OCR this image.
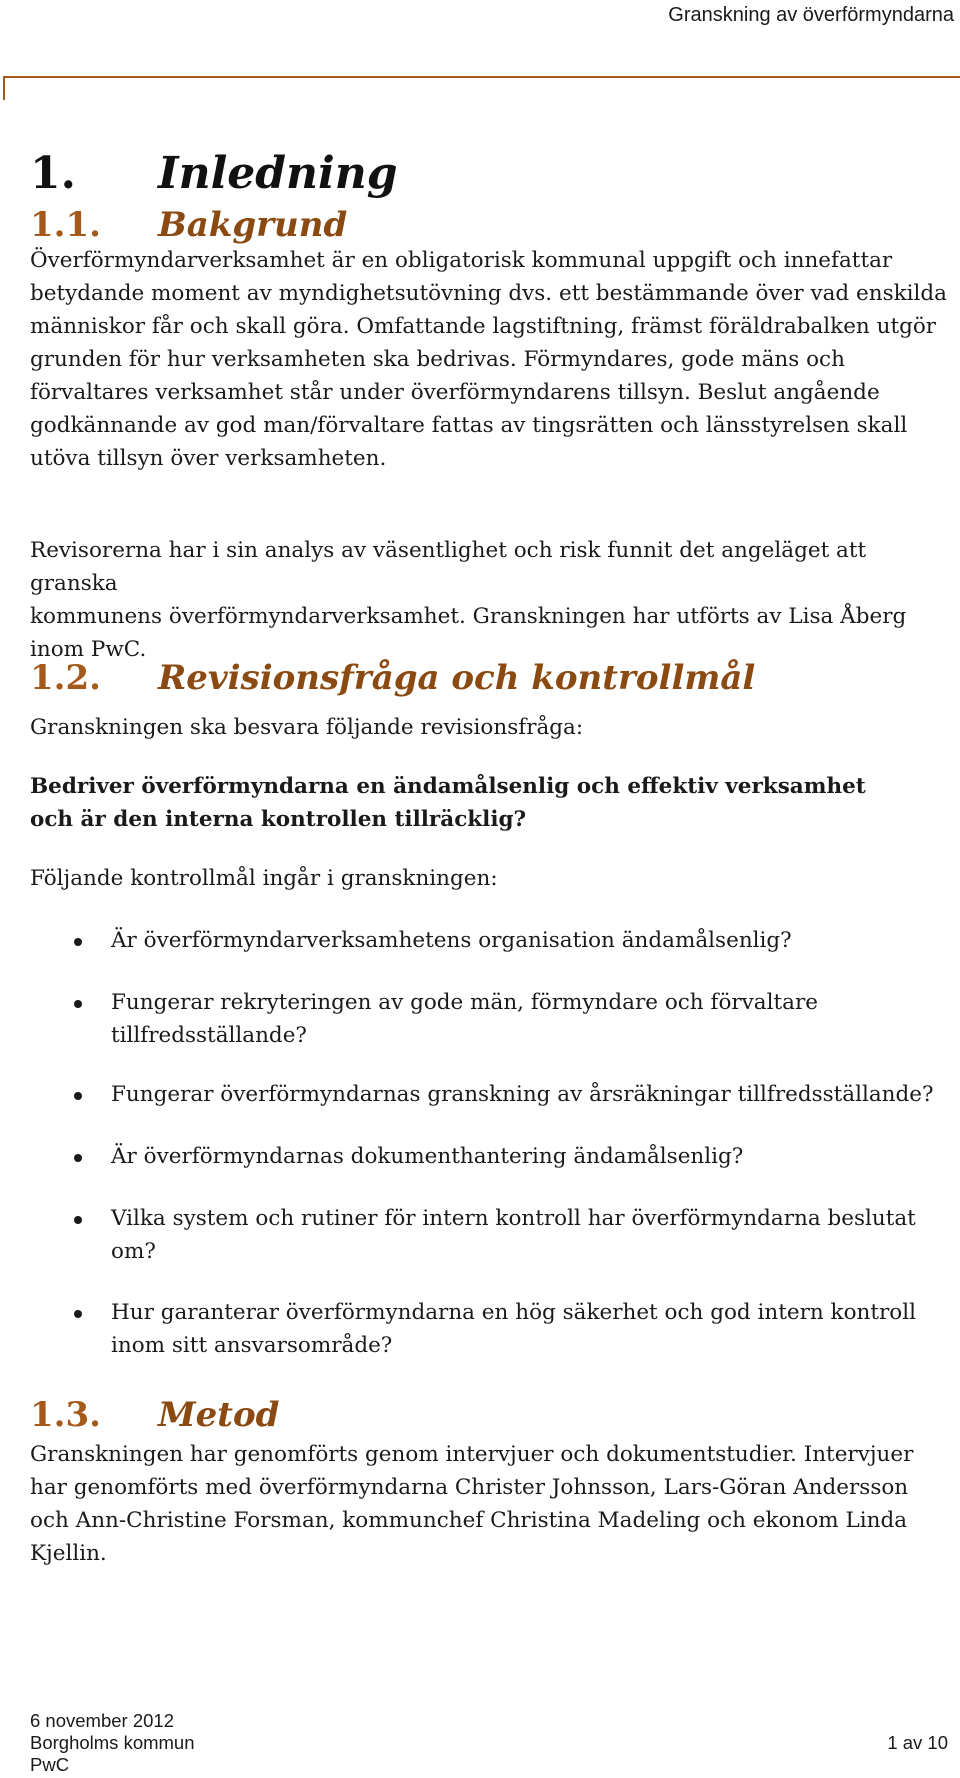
Granskning av överförmyndarna
1. Inledning
1.1. Bakgrund
Överförmyndarverksamhet är en obligatorisk kommunal uppgift och innefattar
betydande moment av myndighetsutövning dvs. ett bestämmande över vad enskilda
människor får och skall göra. Omfattande lagstiftning, främst föräldrabalken utgör
grunden för hur verksamheten ska bedrivas. Förmyndares, gode mäns och
förvaltares verksamhet står under överförmyndarens tillsyn. Beslut angående
godkännande av god man/förvaltare fattas av tingsrätten och länsstyrelsen skall
utöva tillsyn över verksamheten.
Revisorerna har i sin analys av väsentlighet och risk funnit det angeläget att granska
kommunens överförmyndarverksamhet. Granskningen har utförts av Lisa Åberg
inom PwC.
1.2. Revisionsfråga och kontrollmål
Granskningen ska besvara följande revisionsfråga:
Bedriver överförmyndarna en ändamålsenlig och effektiv verksamhet
och är den interna kontrollen tillräcklig?
Följande kontrollmål ingår i granskningen:
Är överförmyndarverksamhetens organisation ändamålsenlig?
Fungerar rekryteringen av gode män, förmyndare och förvaltare
tillfredsställande?
Fungerar överförmyndarnas granskning av årsräkningar tillfredsställande?
Är överförmyndarnas dokumenthantering ändamålsenlig?
Vilka system och rutiner för intern kontroll har överförmyndarna beslutat
om?
Hur garanterar överförmyndarna en hög säkerhet och god intern kontroll
inom sitt ansvarsområde?
1.3. Metod
Granskningen har genomförts genom intervjuer och dokumentstudier. Intervjuer
har genomförts med överförmyndarna Christer Johnsson, Lars-Göran Andersson
och Ann-Christine Forsman, kommunchef Christina Madeling och ekonom Linda
Kjellin.
6 november 2012
Borgholms kommun
PwC
1 av 10
